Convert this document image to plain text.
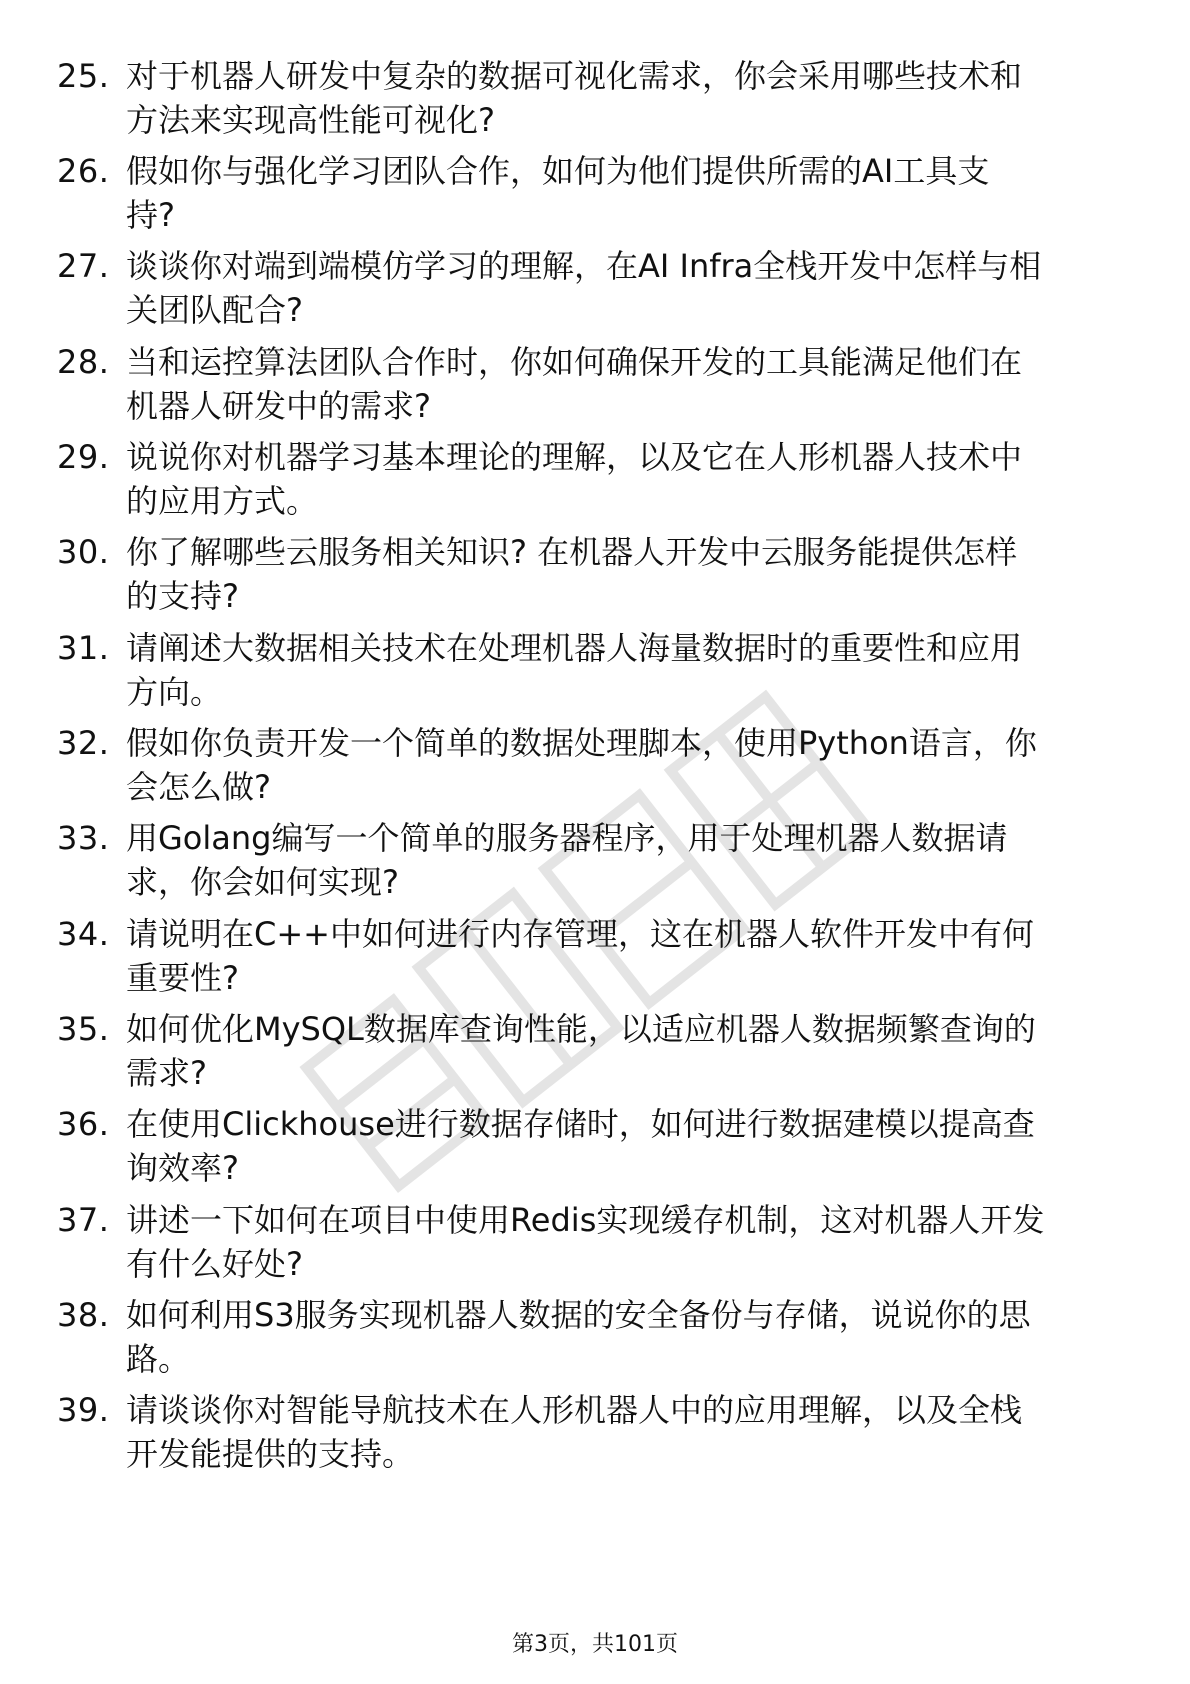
25. 对于机器人研发中复杂的数据可视化需求，你会采用哪些技术和
方法来实现高性能可视化?
26. 假如你与强化学习团队合作，如何为他们提供所需的AI工具支
持?
27. 谈谈你对端到端模仿学习的理解，在AI Infra全栈开发中怎样与相
关团队配合?
28. 当和运控算法团队合作时，你如何确保开发的工具能满足他们在
机器人研发中的需求?
29. 说说你对机器学习基本理论的理解，以及它在人形机器人技术中
的应用方式。
30. 你了解哪些云服务相关知识? 在机器人开发中云服务能提供怎样
的支持?
31. 请阐述大数据相关技术在处理机器人海量数据时的重要性和应用
方向。
32. 假如你负责开发一个简单的数据处理脚本，使用Python语言，你
会怎么做?
33. 用Golang编写一个简单的服务器程序，用于处理机器人数据请
求，你会如何实现?
34. 请说明在C++中如何进行内存管理，这在机器人软件开发中有何
重要性?
35. 如何优化MySQL数据库查询性能，以适应机器人数据频繁查询的
需求?
36. 在使用Clickhouse进行数据存储时，如何进行数据建模以提高查
询效率?
37. 讲述一下如何在项目中使用Redis实现缓存机制，这对机器人开发
有什么好处?
38. 如何利用S3服务实现机器人数据的安全备份与存储，说说你的思
路。
39. 请谈谈你对智能导航技术在人形机器人中的应用理解，以及全栈
开发能提供的支持。
第3页，共101页
